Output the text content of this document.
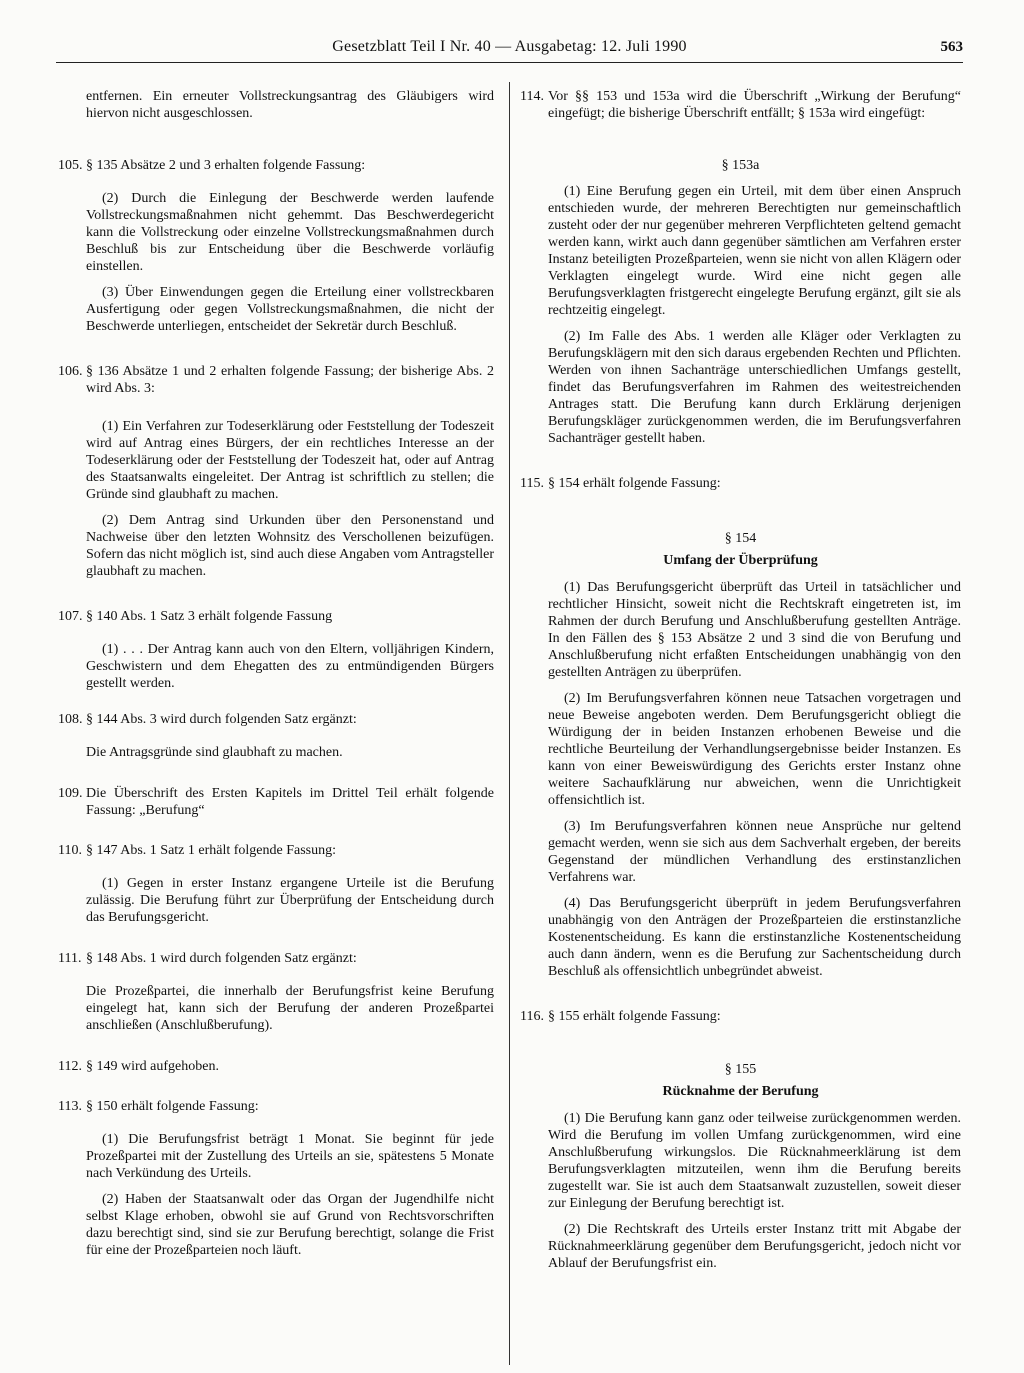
Gesetzblatt Teil I Nr. 40 — Ausgabetag: 12. Juli 1990	563

entfernen. Ein erneuter Vollstreckungsantrag des Gläubigers wird hiervon nicht ausgeschlossen.

105. § 135 Absätze 2 und 3 erhalten folgende Fassung:

(2) Durch die Einlegung der Beschwerde werden laufende Vollstreckungsmaßnahmen nicht gehemmt. Das Beschwerdegericht kann die Vollstreckung oder einzelne Vollstreckungsmaßnahmen durch Beschluß bis zur Entscheidung über die Beschwerde vorläufig einstellen.

(3) Über Einwendungen gegen die Erteilung einer vollstreckbaren Ausfertigung oder gegen Vollstreckungsmaßnahmen, die nicht der Beschwerde unterliegen, entscheidet der Sekretär durch Beschluß.

106. § 136 Absätze 1 und 2 erhalten folgende Fassung; der bisherige Abs. 2 wird Abs. 3:

(1) Ein Verfahren zur Todeserklärung oder Feststellung der Todeszeit wird auf Antrag eines Bürgers, der ein rechtliches Interesse an der Todeserklärung oder der Feststellung der Todeszeit hat, oder auf Antrag des Staatsanwalts eingeleitet. Der Antrag ist schriftlich zu stellen; die Gründe sind glaubhaft zu machen.

(2) Dem Antrag sind Urkunden über den Personenstand und Nachweise über den letzten Wohnsitz des Verschollenen beizufügen. Sofern das nicht möglich ist, sind auch diese Angaben vom Antragsteller glaubhaft zu machen.

107. § 140 Abs. 1 Satz 3 erhält folgende Fassung

(1) . . . Der Antrag kann auch von den Eltern, volljährigen Kindern, Geschwistern und dem Ehegatten des zu entmündigenden Bürgers gestellt werden.

108. § 144 Abs. 3 wird durch folgenden Satz ergänzt:

Die Antragsgründe sind glaubhaft zu machen.

109. Die Überschrift des Ersten Kapitels im Drittel Teil erhält folgende Fassung: „Berufung“

110. § 147 Abs. 1 Satz 1 erhält folgende Fassung:

(1) Gegen in erster Instanz ergangene Urteile ist die Berufung zulässig. Die Berufung führt zur Überprüfung der Entscheidung durch das Berufungsgericht.

111. § 148 Abs. 1 wird durch folgenden Satz ergänzt:

Die Prozeßpartei, die innerhalb der Berufungsfrist keine Berufung eingelegt hat, kann sich der Berufung der anderen Prozeßpartei anschließen (Anschlußberufung).

112. § 149 wird aufgehoben.

113. § 150 erhält folgende Fassung:

(1) Die Berufungsfrist beträgt 1 Monat. Sie beginnt für jede Prozeßpartei mit der Zustellung des Urteils an sie, spätestens 5 Monate nach Verkündung des Urteils.

(2) Haben der Staatsanwalt oder das Organ der Jugendhilfe nicht selbst Klage erhoben, obwohl sie auf Grund von Rechtsvorschriften dazu berechtigt sind, sind sie zur Berufung berechtigt, solange die Frist für eine der Prozeßparteien noch läuft.

114. Vor §§ 153 und 153a wird die Überschrift „Wirkung der Berufung“ eingefügt; die bisherige Überschrift entfällt; § 153a wird eingefügt:

§ 153a

(1) Eine Berufung gegen ein Urteil, mit dem über einen Anspruch entschieden wurde, der mehreren Berechtigten nur gemeinschaftlich zusteht oder der nur gegenüber mehreren Verpflichteten geltend gemacht werden kann, wirkt auch dann gegenüber sämtlichen am Verfahren erster Instanz beteiligten Prozeßparteien, wenn sie nicht von allen Klägern oder Verklagten eingelegt wurde. Wird eine nicht gegen alle Berufungsverklagten fristgerecht eingelegte Berufung ergänzt, gilt sie als rechtzeitig eingelegt.

(2) Im Falle des Abs. 1 werden alle Kläger oder Verklagten zu Berufungsklägern mit den sich daraus ergebenden Rechten und Pflichten. Werden von ihnen Sachanträge unterschiedlichen Umfangs gestellt, findet das Berufungsverfahren im Rahmen des weitestreichenden Antrages statt. Die Berufung kann durch Erklärung derjenigen Berufungskläger zurückgenommen werden, die im Berufungsverfahren Sachanträger gestellt haben.

115. § 154 erhält folgende Fassung:

§ 154

Umfang der Überprüfung

(1) Das Berufungsgericht überprüft das Urteil in tatsächlicher und rechtlicher Hinsicht, soweit nicht die Rechtskraft eingetreten ist, im Rahmen der durch Berufung und Anschlußberufung gestellten Anträge. In den Fällen des § 153 Absätze 2 und 3 sind die von Berufung und Anschlußberufung nicht erfaßten Entscheidungen unabhängig von den gestellten Anträgen zu überprüfen.

(2) Im Berufungsverfahren können neue Tatsachen vorgetragen und neue Beweise angeboten werden. Dem Berufungsgericht obliegt die Würdigung der in beiden Instanzen erhobenen Beweise und die rechtliche Beurteilung der Verhandlungsergebnisse beider Instanzen. Es kann von einer Beweiswürdigung des Gerichts erster Instanz ohne weitere Sachaufklärung nur abweichen, wenn die Unrichtigkeit offensichtlich ist.

(3) Im Berufungsverfahren können neue Ansprüche nur geltend gemacht werden, wenn sie sich aus dem Sachverhalt ergeben, der bereits Gegenstand der mündlichen Verhandlung des erstinstanzlichen Verfahrens war.

(4) Das Berufungsgericht überprüft in jedem Berufungsverfahren unabhängig von den Anträgen der Prozeßparteien die erstinstanzliche Kostenentscheidung. Es kann die erstinstanzliche Kostenentscheidung auch dann ändern, wenn es die Berufung zur Sachentscheidung durch Beschluß als offensichtlich unbegründet abweist.

116. § 155 erhält folgende Fassung:

§ 155

Rücknahme der Berufung

(1) Die Berufung kann ganz oder teilweise zurückgenommen werden. Wird die Berufung im vollen Umfang zurückgenommen, wird eine Anschlußberufung wirkungslos. Die Rücknahmeerklärung ist dem Berufungsverklagten mitzuteilen, wenn ihm die Berufung bereits zugestellt war. Sie ist auch dem Staatsanwalt zuzustellen, soweit dieser zur Einlegung der Berufung berechtigt ist.

(2) Die Rechtskraft des Urteils erster Instanz tritt mit Abgabe der Rücknahmeerklärung gegenüber dem Berufungsgericht, jedoch nicht vor Ablauf der Berufungsfrist ein.
